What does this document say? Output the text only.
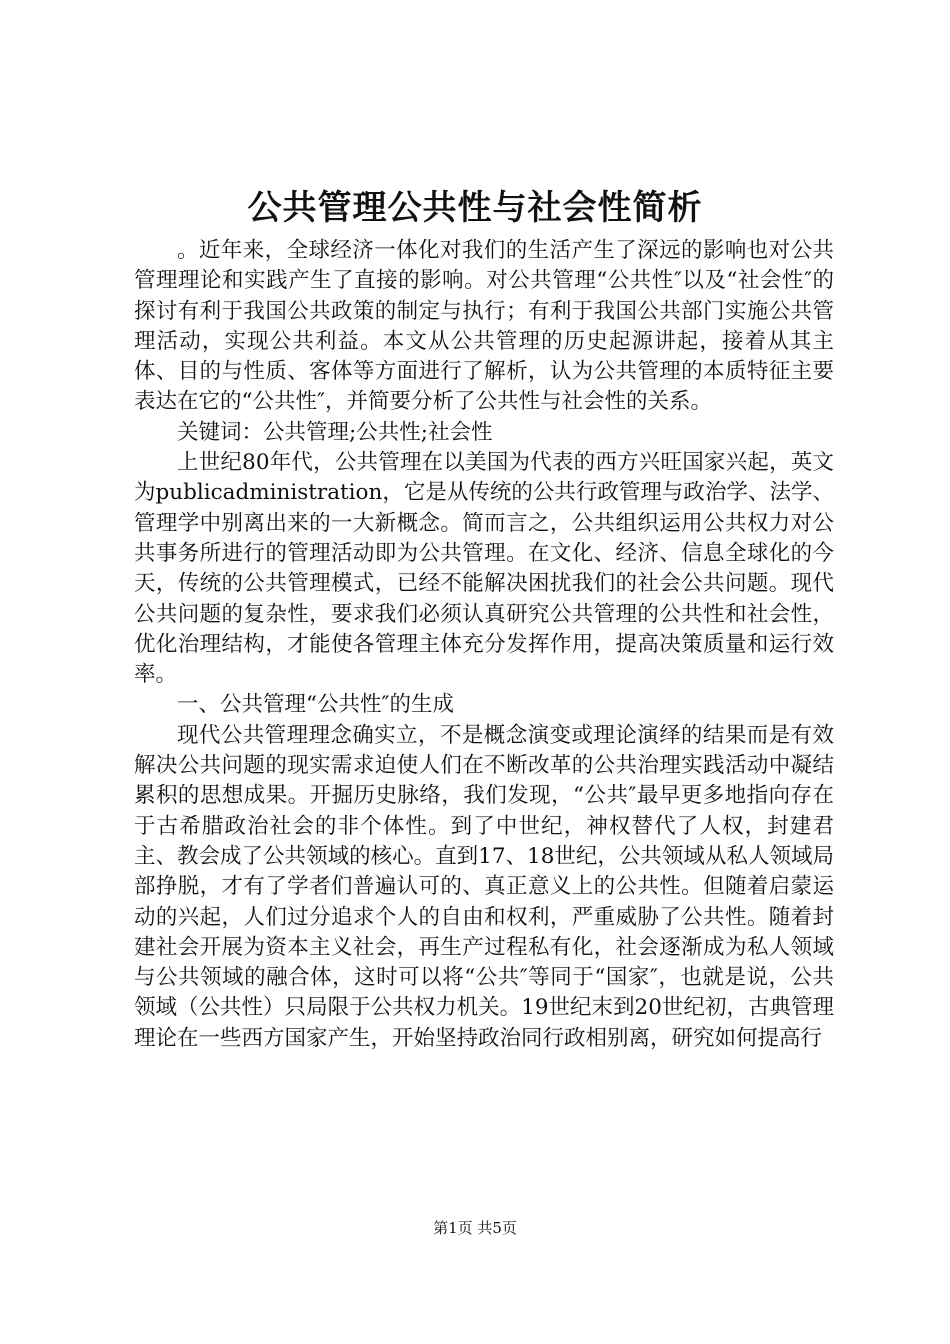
公共管理公共性与社会性简析

。近年来，全球经济一体化对我们的生活产生了深远的影响也对公共管理理论和实践产生了直接的影响。对公共管理“公共性″以及“社会性″的探讨有利于我国公共政策的制定与执行；有利于我国公共部门实施公共管理活动，实现公共利益。本文从公共管理的历史起源讲起，接着从其主体、目的与性质、客体等方面进行了解析，认为公共管理的本质特征主要表达在它的“公共性″，并简要分析了公共性与社会性的关系。

关键词：公共管理;公共性;社会性

上世纪80年代，公共管理在以美国为代表的西方兴旺国家兴起，英文为publicadministration，它是从传统的公共行政管理与政治学、法学、管理学中别离出来的一大新概念。简而言之，公共组织运用公共权力对公共事务所进行的管理活动即为公共管理。在文化、经济、信息全球化的今天，传统的公共管理模式，已经不能解决困扰我们的社会公共问题。现代公共问题的复杂性，要求我们必须认真研究公共管理的公共性和社会性，优化治理结构，才能使各管理主体充分发挥作用，提高决策质量和运行效率。

一、公共管理“公共性″的生成

现代公共管理理念确实立，不是概念演变或理论演绎的结果而是有效解决公共问题的现实需求迫使人们在不断改革的公共治理实践活动中凝结累积的思想成果。开掘历史脉络，我们发现，“公共″最早更多地指向存在于古希腊政治社会的非个体性。到了中世纪，神权替代了人权，封建君主、教会成了公共领域的核心。直到17、18世纪，公共领域从私人领域局部挣脱，才有了学者们普遍认可的、真正意义上的公共性。但随着启蒙运动的兴起，人们过分追求个人的自由和权利，严重威胁了公共性。随着封建社会开展为资本主义社会，再生产过程私有化，社会逐渐成为私人领域与公共领域的融合体，这时可以将“公共″等同于“国家″，也就是说，公共领域（公共性）只局限于公共权力机关。19世纪末到20世纪初，古典管理理论在一些西方国家产生，开始坚持政治同行政相别离，研究如何提高行

第1页 共5页
